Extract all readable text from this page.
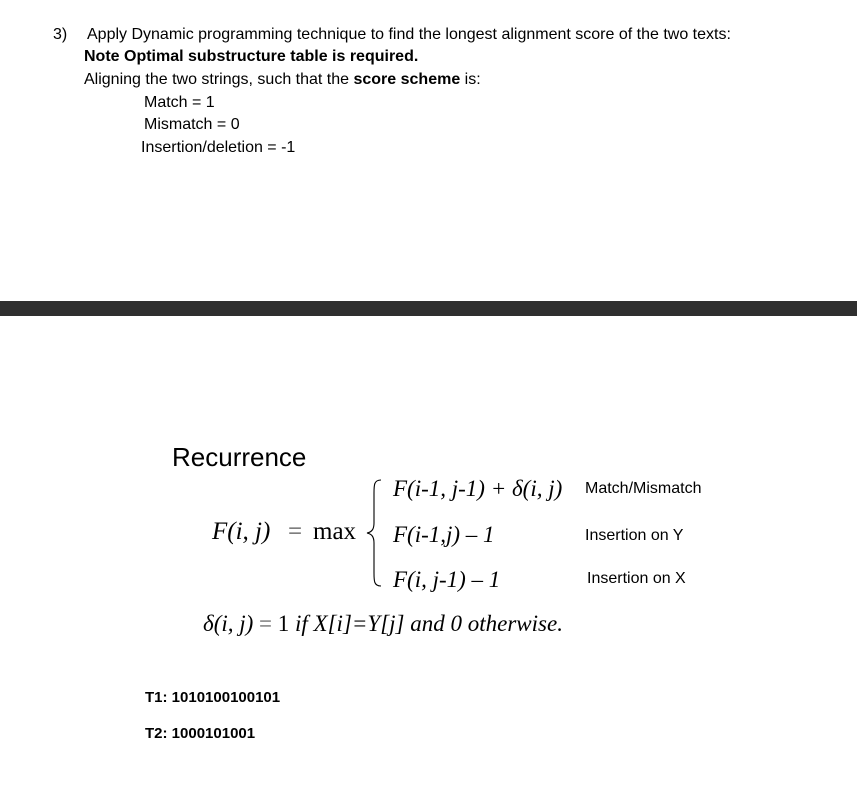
3) Apply Dynamic programming technique to find the longest alignment score of the two texts:
Note Optimal substructure table is required.
Aligning the two strings, such that the score scheme is:
Match = 1
Mismatch = 0
Insertion/deletion = -1
Recurrence
F(i, j) = max
F(i-1, j-1) + δ(i, j) Match/Mismatch
F(i-1,j) – 1	Insertion on Y
F(i, j-1) – 1	Insertion on X
δ(i, j) = 1 if X[i]=Y[j] and 0 otherwise.
T1: 1010100100101
T2: 1000101001
